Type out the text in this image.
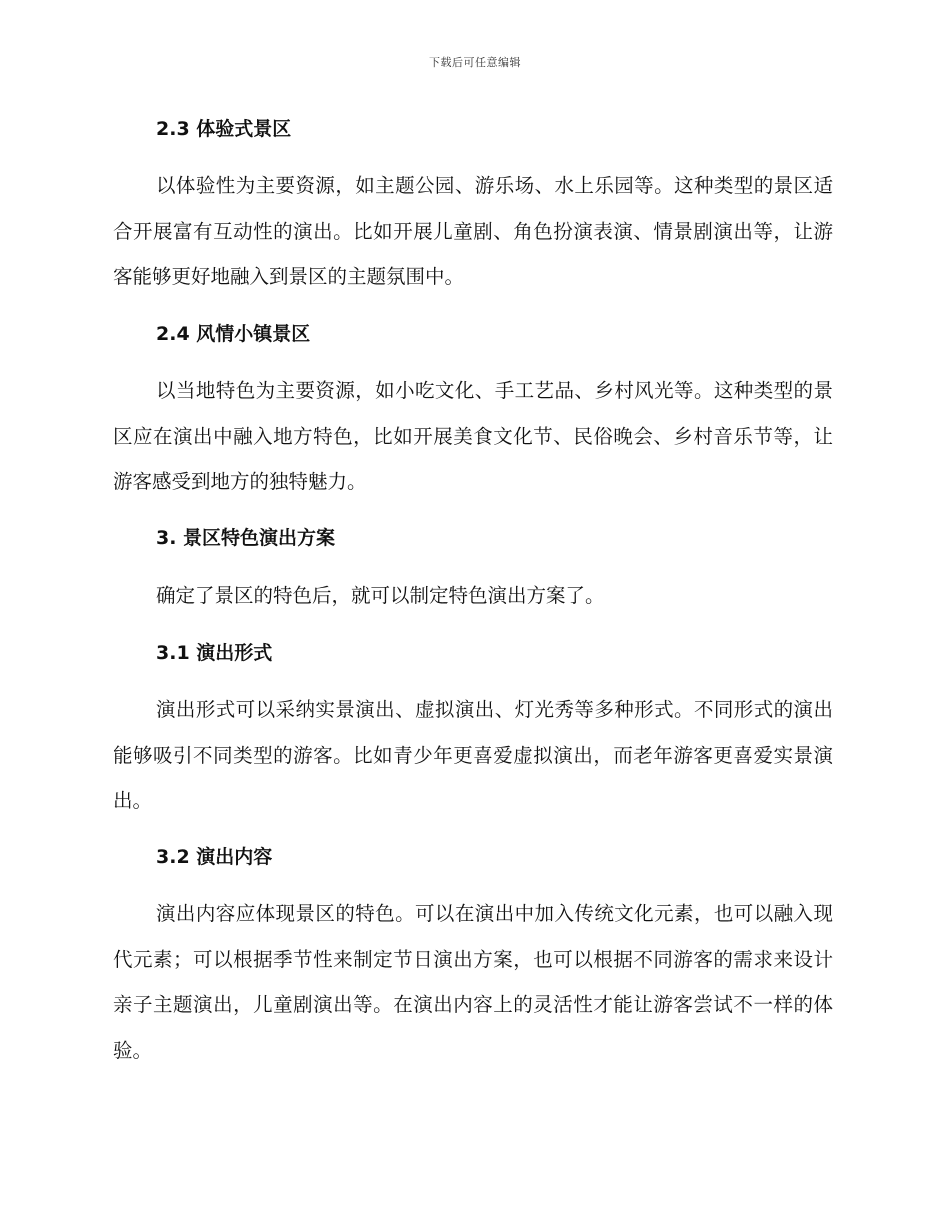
下载后可任意编辑
2.3 体验式景区
以体验性为主要资源，如主题公园、游乐场、水上乐园等。这种类型的景区适合开展富有互动性的演出。比如开展儿童剧、角色扮演表演、情景剧演出等，让游客能够更好地融入到景区的主题氛围中。
2.4 风情小镇景区
以当地特色为主要资源，如小吃文化、手工艺品、乡村风光等。这种类型的景区应在演出中融入地方特色，比如开展美食文化节、民俗晚会、乡村音乐节等，让游客感受到地方的独特魅力。
3. 景区特色演出方案
确定了景区的特色后，就可以制定特色演出方案了。
3.1 演出形式
演出形式可以采纳实景演出、虚拟演出、灯光秀等多种形式。不同形式的演出能够吸引不同类型的游客。比如青少年更喜爱虚拟演出，而老年游客更喜爱实景演出。
3.2 演出内容
演出内容应体现景区的特色。可以在演出中加入传统文化元素，也可以融入现代元素；可以根据季节性来制定节日演出方案，也可以根据不同游客的需求来设计亲子主题演出，儿童剧演出等。在演出内容上的灵活性才能让游客尝试不一样的体验。
